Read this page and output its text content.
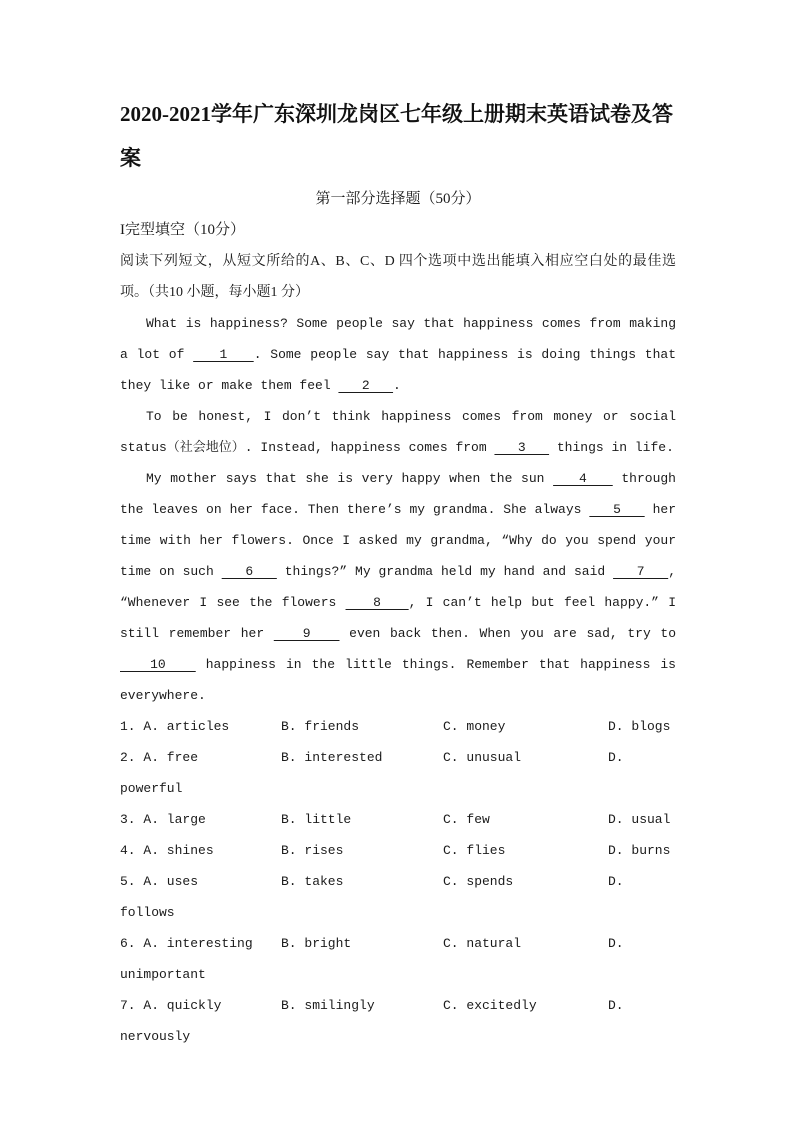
2020-2021学年广东深圳龙岗区七年级上册期末英语试卷及答案
第一部分选择题（50分）
I完型填空（10分）
阅读下列短文，从短文所给的A、B、C、D 四个选项中选出能填入相应空白处的最佳选项。（共10 小题，每小题1 分）
What is happiness? Some people say that happiness comes from making a lot of    1   . Some people say that happiness is doing things that they like or make them feel    2   .
To be honest, I don’t think happiness comes from money or social status（社会地位）. Instead, happiness comes from    3    things in life.
My mother says that she is very happy when the sun    4    through the leaves on her face. Then there’s my grandma. She always    5    her time with her flowers. Once I asked my grandma, “Why do you spend your time on such    6    things?” My grandma held my hand and said    7   , “Whenever I see the flowers    8   , I can’t help but feel happy.” I still remember her    9    even back then. When you are sad, try to    10    happiness in the little things. Remember that happiness is everywhere.
1. A. articles	B. friends	C. money	D. blogs
2. A. free	B. interested	C. unusual	D.
powerful
3. A. large	B. little	C. few	D. usual
4. A. shines	B. rises	C. flies	D. burns
5. A. uses	B. takes	C. spends	D.
follows
6. A. interesting	B. bright	C. natural	D.
unimportant
7. A. quickly	B. smilingly	C. excitedly	D.
nervously
